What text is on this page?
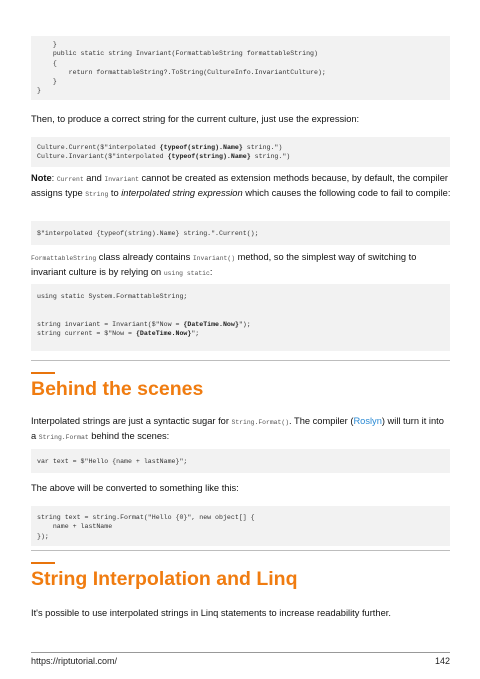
}
public static string Invariant(FormattableString formattableString)
{
return formattableString?.ToString(CultureInfo.InvariantCulture);
}
}
Then, to produce a correct string for the current culture, just use the expression:
Culture.Current($"interpolated {typeof(string).Name} string.")
Culture.Invariant($"interpolated {typeof(string).Name} string.")
Note: Current and Invariant cannot be created as extension methods because, by default, the compiler assigns type String to interpolated string expression which causes the following code to fail to compile:
$"interpolated {typeof(string).Name} string.".Current();
FormattableString class already contains Invariant() method, so the simplest way of switching to invariant culture is by relying on using static:
using static System.FormattableString;
string invariant = Invariant($"Now = {DateTime.Now}");
string current = $"Now = {DateTime.Now}";
Behind the scenes
Interpolated strings are just a syntactic sugar for String.Format(). The compiler (Roslyn) will turn it into a String.Format behind the scenes:
var text = $"Hello {name + lastName}";
The above will be converted to something like this:
string text = string.Format("Hello {0}", new object[] {
name + lastName
});
String Interpolation and Linq
It's possible to use interpolated strings in Linq statements to increase readability further.
https://riptutorial.com/	142
